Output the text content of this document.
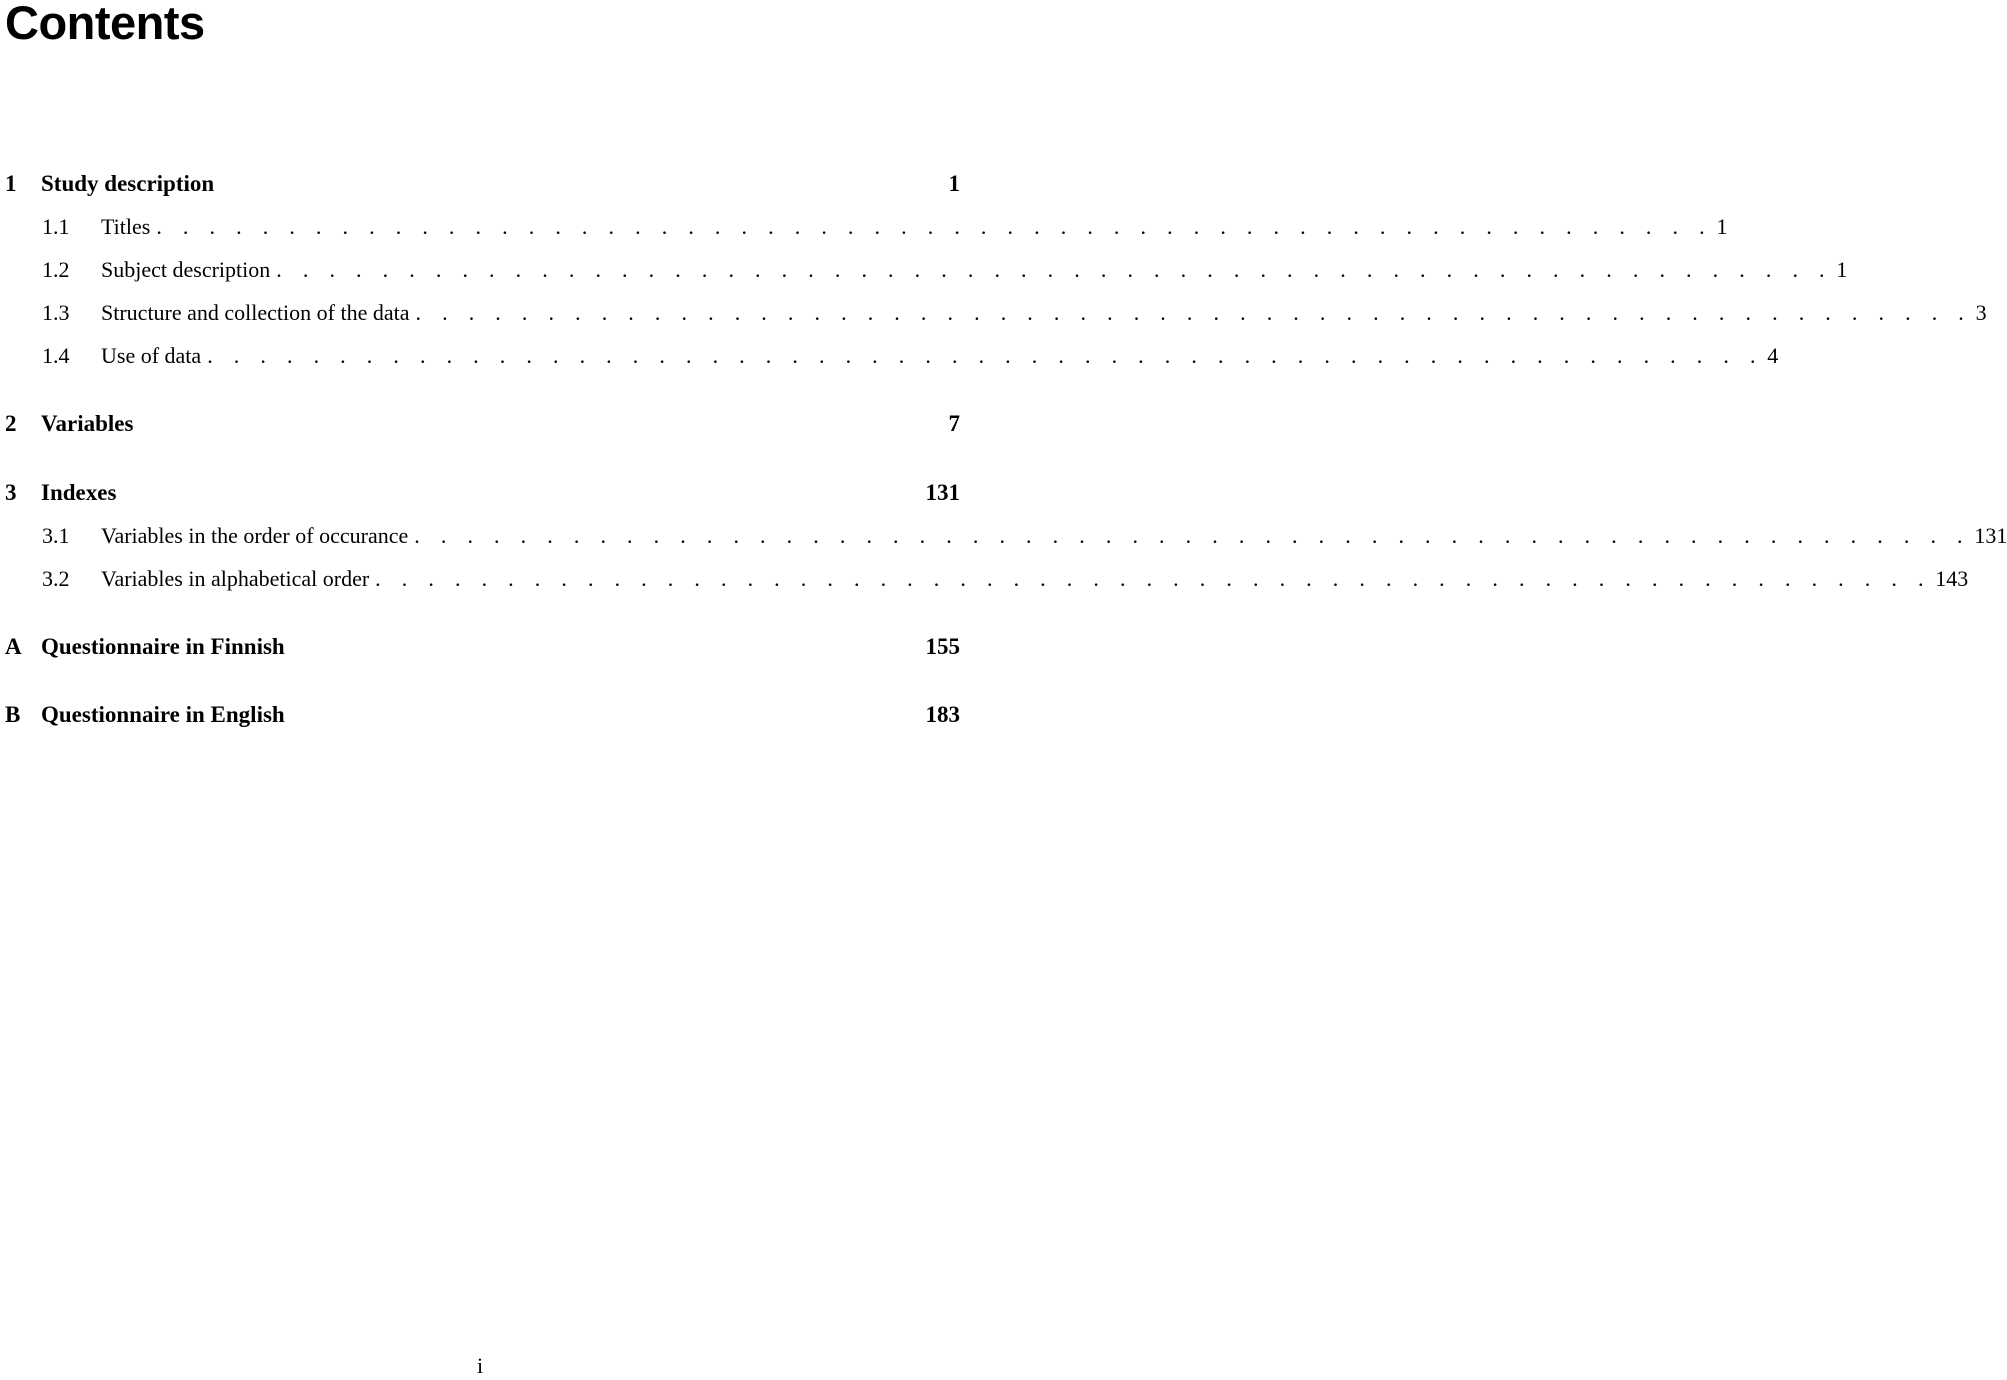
Contents
1	Study description	1
1.1	Titles . . . . . . . . . . . . . . . . . . . . . . . . . . . . . . . . . . . . . . . . . . . . . . . . . . . . . . . . . . . 1
1.2	Subject description . . . . . . . . . . . . . . . . . . . . . . . . . . . . . . . . . . . . . . . . . . . . . . . . . . . . . . . . . . . 1
1.3	Structure and collection of the data . . . . . . . . . . . . . . . . . . . . . . . . . . . . . . . . . . . . . . . . . . . . . . . . . . . . . . . . . . . 3
1.4	Use of data . . . . . . . . . . . . . . . . . . . . . . . . . . . . . . . . . . . . . . . . . . . . . . . . . . . . . . . . . . . 4
2	Variables	7
3	Indexes	131
3.1	Variables in the order of occurance . . . . . . . . . . . . . . . . . . . . . . . . . . . . . . . . . . . . . . . . . . . . . . . . . . . . . . . . . . . 131
3.2	Variables in alphabetical order . . . . . . . . . . . . . . . . . . . . . . . . . . . . . . . . . . . . . . . . . . . . . . . . . . . . . . . . . . . 143
A Questionnaire in Finnish	155
B Questionnaire in English	183
i
